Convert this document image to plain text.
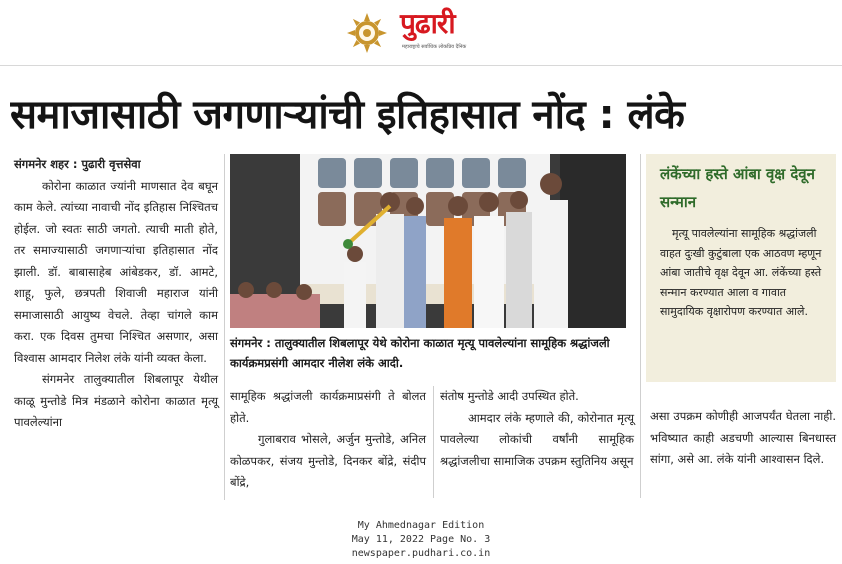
पुढारी
महाराष्ट्राचे सर्वाधिक लोकप्रिय दैनिक
समाजासाठी जगणाऱ्यांची इतिहासात नोंद : लंके

संगमनेर शहर : पुढारी वृत्तसेवा

कोरोना काळात ज्यांनी माणसात देव बघून काम केले. त्यांच्या नावाची नोंद इतिहास निश्चितच होईल. जो स्वतः साठी जगतो. त्याची माती होते, तर समाज्यासाठी जगणाऱ्यांचा इतिहासात नोंद झाली. डॉ. बाबासाहेब आंबेडकर, डॉ. आमटे, शाहू, फुले, छत्रपती शिवाजी महाराज यांनी समाजासाठी आयुष्य वेचले. तेव्हा चांगले काम करा. एक दिवस तुमचा निश्चित असणार, असा विश्वास आमदार निलेश लंके यांनी व्यक्त केला.

संगमनेर तालुक्यातील शिबलापूर येथील काळू मुन्तोडे मित्र मंडळाने कोरोना काळात मृत्यू पावलेल्यांना

संगमनेर : तालुक्यातील शिबलापूर येथे कोरोना काळात मृत्यू पावलेल्यांना सामूहिक श्रद्धांजली कार्यक्रमप्रसंगी आमदार नीलेश लंके आदी.

सामूहिक श्रद्धांजली कार्यक्रमाप्रसंगी ते बोलत होते.

गुलाबराव भोसले, अर्जुन मुन्तोडे, अनिल कोळपकर, संजय मुन्तोडे, दिनकर बोंद्रे, संदीप बोंद्रे,

संतोष मुन्तोडे आदी उपस्थित होते.

आमदार लंके म्हणाले की, कोरोनात मृत्यू पावलेल्या लोकांची वर्षांनी सामूहिक श्रद्धांजलीचा सामाजिक उपक्रम स्तुतिनिय असून

लंकेंच्या हस्ते आंबा वृक्ष देवून सन्मान

मृत्यू पावलेल्यांना सामूहिक श्रद्धांजली वाहत दुःखी कुटुंबाला एक आठवण म्हणून आंबा जातीचे वृक्ष देवून आ. लंकेंच्या हस्ते सन्मान करण्यात आला व गावात सामुदायिक वृक्षारोपण करण्यात आले.

असा उपक्रम कोणीही आजपर्यंत घेतला नाही. भविष्यात काही अडचणी आल्यास बिनधास्त सांगा, असे आ. लंके यांनी आश्वासन दिले.

My Ahmednagar Edition
May 11, 2022 Page No. 3
newspaper.pudhari.co.in
